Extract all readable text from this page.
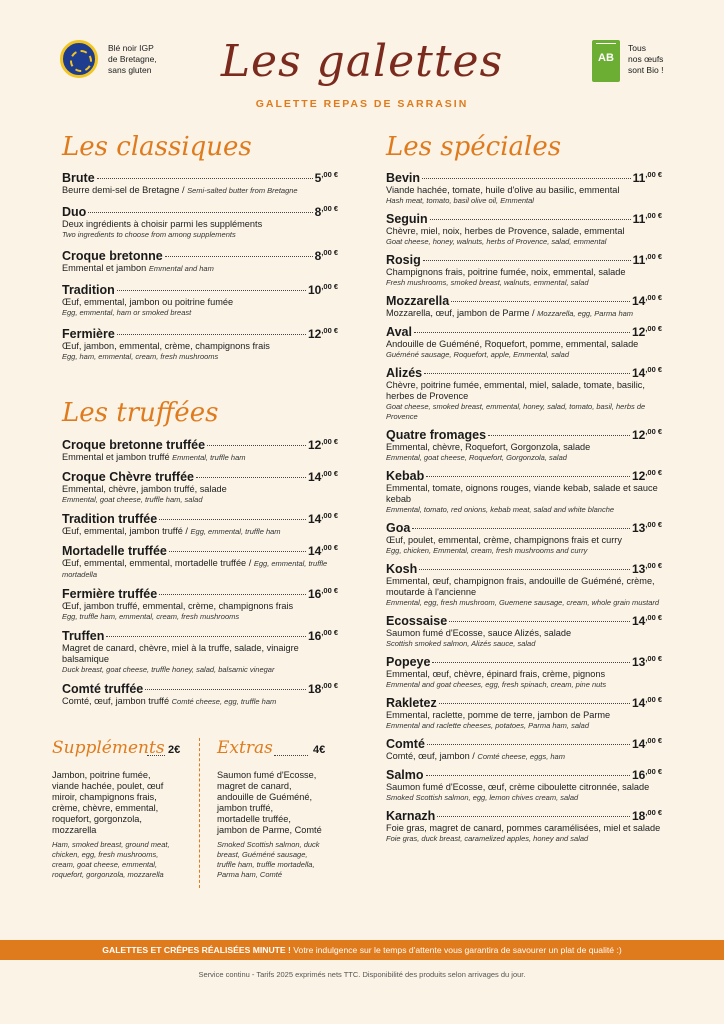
Blé noir IGP
de Bretagne,
sans gluten
AB
Tous
nos œufs
sont Bio !
Les galettes
GALETTE REPAS DE SARRASIN
Les classiques
Brute	$5^{,00 €}$
Beurre demi-sel de Bretagne / Semi-salted butter from Bretagne
Duo	$8^{,00 €}$
Deux ingrédients à choisir parmi les suppléments
Two ingredients to choose from among supplements
Croque bretonne	$8^{,00 €}$
Emmental et jambon Emmental and ham
Tradition	$10^{,00 €}$
Œuf, emmental, jambon ou poitrine fumée
Egg, emmental, ham or smoked breast
Fermière	$12^{,00 €}$
Œuf, jambon, emmental, crème, champignons frais
Egg, ham, emmental, cream, fresh mushrooms
Les truffées
Croque bretonne truffée	$12^{,00 €}$
Emmental et jambon truffé Emmental, truffle ham
Croque Chèvre truffée	$14^{,00 €}$
Emmental, chèvre, jambon truffé, salade
Emmental, goat cheese, truffle ham, salad
Tradition truffée	$14^{,00 €}$
Œuf, emmental, jambon truffé / Egg, emmental, truffle ham
Mortadelle truffée	$14^{,00 €}$
Œuf, emmental, emmental, mortadelle truffée / Egg, emmental, truffle mortadella
Fermière truffée	$16^{,00 €}$
Œuf, jambon truffé, emmental, crème, champignons frais
Egg, truffle ham, emmental, cream, fresh mushrooms
Truffen	$16^{,00 €}$
Magret de canard, chèvre, miel à la truffe, salade, vinaigre balsamique
Duck breast, goat cheese, truffle honey, salad, balsamic vinegar
Comté truffée	$18^{,00 €}$
Comté, œuf, jambon truffé Comté cheese, egg, truffle ham
Suppléments 2€
Jambon, poitrine fumée,
viande hachée, poulet, œuf
miroir, champignons frais,
crème, chèvre, emmental,
roquefort, gorgonzola,
mozzarella
Ham, smoked breast, ground meat,
chicken, egg, fresh mushrooms,
cream, goat cheese, emmental,
roquefort, gorgonzola, mozzarella
Extras	4€
Saumon fumé d'Ecosse,
magret de canard,
andouille de Guéméné,
jambon truffé,
mortadelle truffée,
jambon de Parme, Comté
Smoked Scottish salmon, duck
breast, Guéméné sausage,
truffle ham, truffle mortadella,
Parma ham, Comté
Les spéciales
Bevin	$11^{,00 €}$
Viande hachée, tomate, huile d'olive au basilic, emmental
Hash meat, tomato, basil olive oil, Emmental
Seguin	$11^{,00 €}$
Chèvre, miel, noix, herbes de Provence, salade, emmental
Goat cheese, honey, walnuts, herbs of Provence, salad, emmental
Rosig	$11^{,00 €}$
Champignons frais, poitrine fumée, noix, emmental, salade
Fresh mushrooms, smoked breast, walnuts, emmental, salad
Mozzarella	$14^{,00 €}$
Mozzarella, œuf, jambon de Parme / Mozzarella, egg, Parma ham
Aval	$12^{,00 €}$
Andouille de Guéméné, Roquefort, pomme, emmental, salade
Guéméné sausage, Roquefort, apple, Emmental, salad
Alizés	$14^{,00 €}$
Chèvre, poitrine fumée, emmental, miel, salade, tomate, basilic, herbes de Provence
Goat cheese, smoked breast, emmental, honey, salad, tomato, basil, herbs de Provence
Quatre fromages	$12^{,00 €}$
Emmental, chèvre, Roquefort, Gorgonzola, salade
Emmental, goat cheese, Roquefort, Gorgonzola, salad
Kebab	$12^{,00 €}$
Emmental, tomate, oignons rouges, viande kebab, salade et sauce kebab
Emmental, tomato, red onions, kebab meat, salad and white blanche
Goa	$13^{,00 €}$
Œuf, poulet, emmental, crème, champignons frais et curry
Egg, chicken, Emmental, cream, fresh mushrooms and curry
Kosh	$13^{,00 €}$
Emmental, œuf, champignon frais, andouille de Guéméné, crème, moutarde à l'ancienne
Emmental, egg, fresh mushroom, Guemene sausage, cream, whole grain mustard
Ecossaise	$14^{,00 €}$
Saumon fumé d'Ecosse, sauce Alizés, salade
Scottish smoked salmon, Alizés sauce, salad
Popeye	$13^{,00 €}$
Emmental, œuf, chèvre, épinard frais, crème, pignons
Emmental and goat cheeses, egg, fresh spinach, cream, pine nuts
Rakletez	$14^{,00 €}$
Emmental, raclette, pomme de terre, jambon de Parme
Emmental and raclette cheeses, potatoes, Parma ham, salad
Comté	$14^{,00 €}$
Comté, œuf, jambon / Comté cheese, eggs, ham
Salmo	$16^{,00 €}$
Saumon fumé d'Ecosse, œuf, crème ciboulette citronnée, salade
Smoked Scottish salmon, egg, lemon chives cream, salad
Karnazh	$18^{,00 €}$
Foie gras, magret de canard, pommes caramélisées, miel et salade
Foie gras, duck breast, caramelized apples, honey and salad
GALETTES ET CRÊPES RÉALISÉES MINUTE ! Votre indulgence sur le temps d'attente vous garantira de savourer un plat de qualité :)
Service continu - Tarifs 2025 exprimés nets TTC. Disponibilité des produits selon arrivages du jour.
